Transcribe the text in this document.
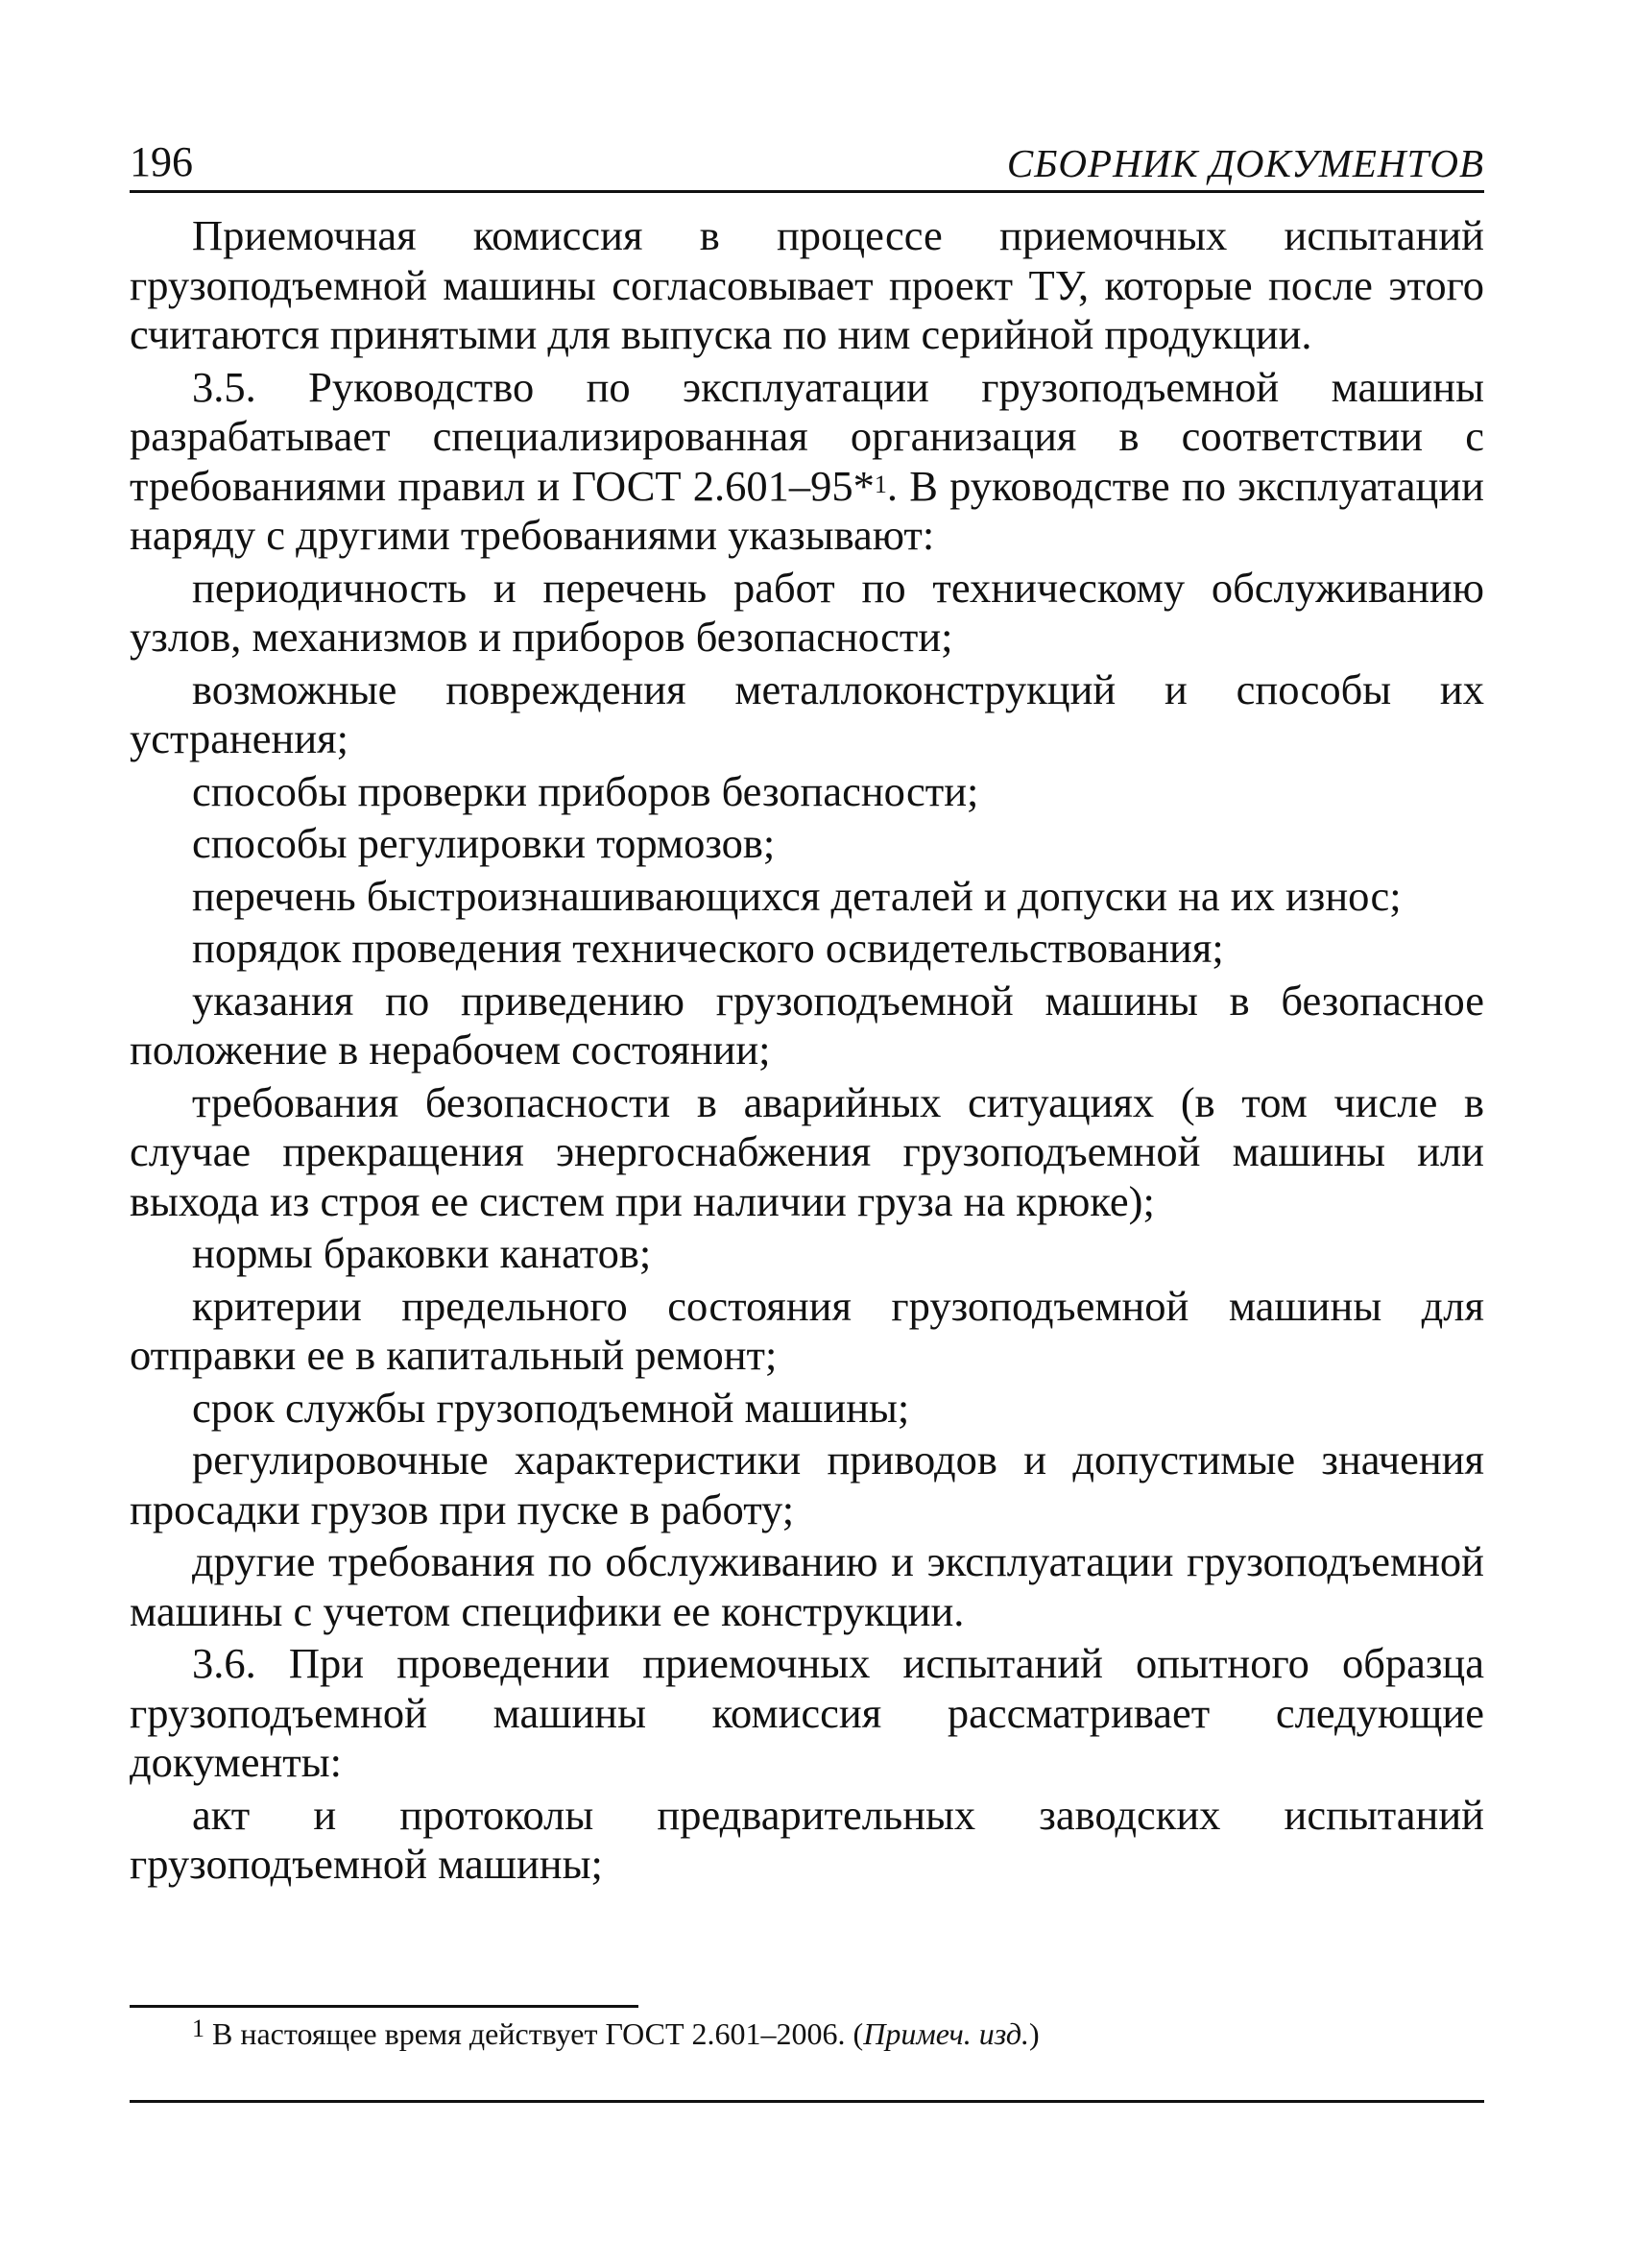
196	СБОРНИК ДОКУМЕНТОВ

Приемочная комиссия в процессе приемочных испытаний грузоподъемной машины согласовывает проект ТУ, которые после этого считаются принятыми для выпуска по ним серийной продукции.

3.5. Руководство по эксплуатации грузоподъемной машины разрабатывает специализированная организация в соответствии с требованиями правил и ГОСТ 2.601–95*$^1$. В руководстве по эксплуатации наряду с другими требованиями указывают:

периодичность и перечень работ по техническому обслуживанию узлов, механизмов и приборов безопасности;

возможные повреждения металлоконструкций и способы их устранения;

способы проверки приборов безопасности;

способы регулировки тормозов;

перечень быстроизнашивающихся деталей и допуски на их износ;

порядок проведения технического освидетельствования;

указания по приведению грузоподъемной машины в безопасное положение в нерабочем состоянии;

требования безопасности в аварийных ситуациях (в том числе в случае прекращения энергоснабжения грузоподъемной машины или выхода из строя ее систем при наличии груза на крюке);

нормы браковки канатов;

критерии предельного состояния грузоподъемной машины для отправки ее в капитальный ремонт;

срок службы грузоподъемной машины;

регулировочные характеристики приводов и допустимые значения просадки грузов при пуске в работу;

другие требования по обслуживанию и эксплуатации грузоподъемной машины с учетом специфики ее конструкции.

3.6. При проведении приемочных испытаний опытного образца грузоподъемной машины комиссия рассматривает следующие документы:

акт и протоколы предварительных заводских испытаний грузоподъемной машины;

$^1$ В настоящее время действует ГОСТ 2.601–2006. (Примеч. изд.)
